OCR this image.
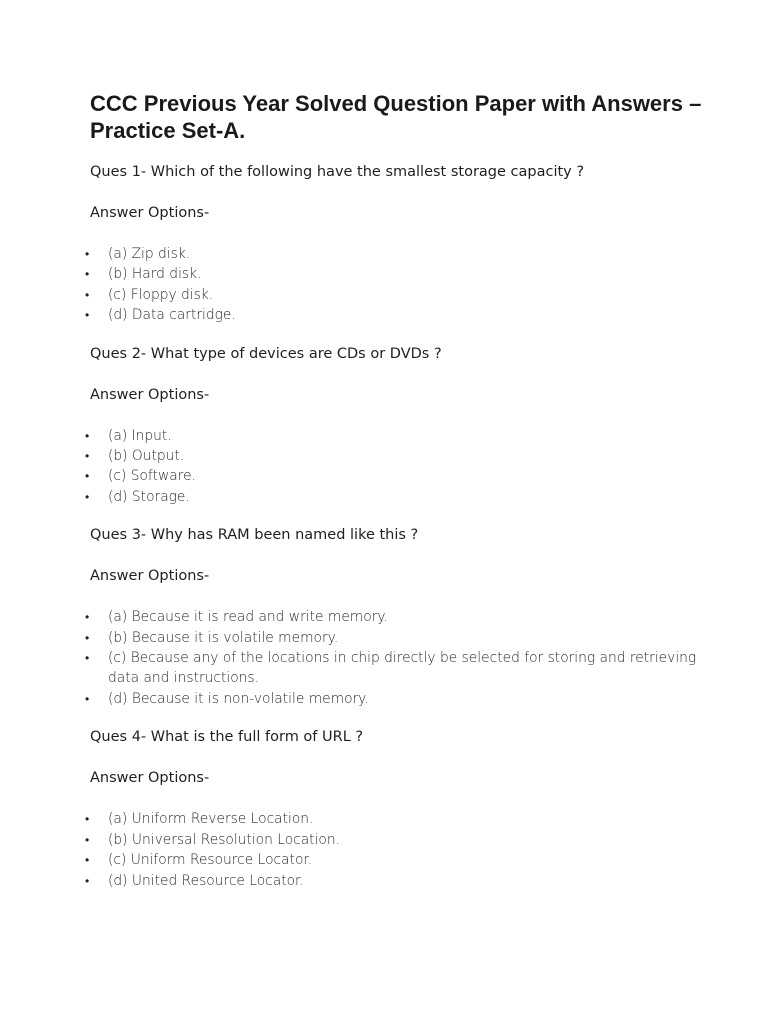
CCC Previous Year Solved Question Paper with Answers – Practice Set-A.

Ques 1- Which of the following have the smallest storage capacity ?

Answer Options-

• (a) Zip disk.
• (b) Hard disk.
• (c) Floppy disk.
• (d) Data cartridge.

Ques 2- What type of devices are CDs or DVDs ?

Answer Options-

• (a) Input.
• (b) Output.
• (c) Software.
• (d) Storage.

Ques 3- Why has RAM been named like this ?

Answer Options-

• (a) Because it is read and write memory.
• (b) Because it is volatile memory.
• (c) Because any of the locations in chip directly be selected for storing and retrieving data and instructions.
• (d) Because it is non-volatile memory.

Ques 4- What is the full form of URL ?

Answer Options-

• (a) Uniform Reverse Location.
• (b) Universal Resolution Location.
• (c) Uniform Resource Locator.
• (d) United Resource Locator.
